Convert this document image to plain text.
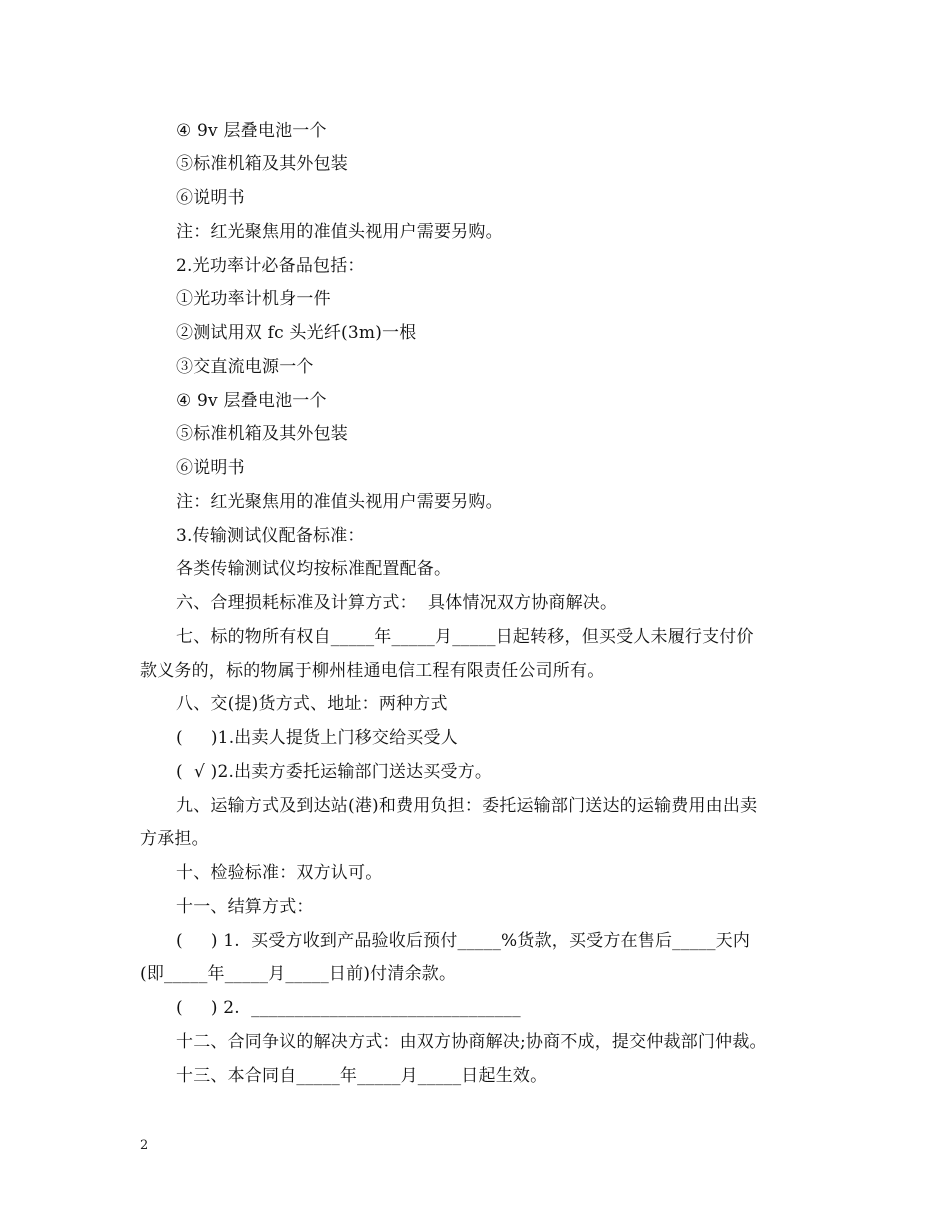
④ 9v 层叠电池一个
⑤标准机箱及其外包装
⑥说明书
注：红光聚焦用的准值头视用户需要另购。
2.光功率计必备品包括：
①光功率计机身一件
②测试用双 fc 头光纤(3m)一根
③交直流电源一个
④ 9v 层叠电池一个
⑤标准机箱及其外包装
⑥说明书
注：红光聚焦用的准值头视用户需要另购。
3.传输测试仪配备标准：
各类传输测试仪均按标准配置配备。
六、合理损耗标准及计算方式：  具体情况双方协商解决。
七、标的物所有权自_____年_____月_____日起转移，但买受人未履行支付价
款义务的，标的物属于柳州桂通电信工程有限责任公司所有。
八、交(提)货方式、地址：两种方式
(     )1.出卖人提货上门移交给买受人
(  √ )2.出卖方委托运输部门送达买受方。
九、运输方式及到达站(港)和费用负担：委托运输部门送达的运输费用由出卖
方承担。
十、检验标准：双方认可。
十一、结算方式：
(     ) 1.  买受方收到产品验收后预付_____%货款，买受方在售后_____天内
(即_____年_____月_____日前)付清余款。
(     ) 2.  _______________________________
十二、合同争议的解决方式：由双方协商解决;协商不成，提交仲裁部门仲裁。
十三、本合同自_____年_____月_____日起生效。
2
